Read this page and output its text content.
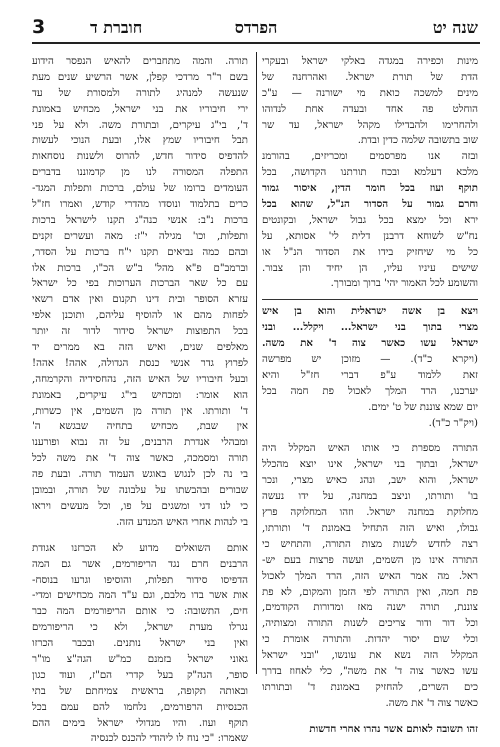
3	חוברת ד	הפרדס	שנה יט
מינות וכפירה במגדה באלקי ישראל ובעקרי
הדת של תורת ישראל. ואהרחנה של
מינים למשכה כואת מי ישורנה — ע"כ
הוחלט פה אחד ובעדה אחת לנדוהו
ולהחרימו ולהבדילו מקהל ישראל, עד שר
שוב בתשובה שלמה כדין ובדת.
ובזה אנו מפרסמים ומכריזים, בהורמנ
מלכא דעלמא ובכח תורתנו הקדושה, בכל
תוקף ועוז בכל חומר הדין, איסור גמור
וחרם גמור על הסדור הנ"ל, שהוא בכל
ירא וכל ימצא בכל גבול ישראל, ובקונטים
נח"ש לשוחא דרבנן דלית לי' אסותא, על
כל מי שיחזיק בידו את הסדור הנ"ל או
שישים עיניו עליו, הן יחיד והן צבור.
והשומע לכל האמור יהי' ברוך ומבורך.
ויצא בן אשה ישראלית והוא בן איש
מצרי בתוך בני ישראל... ויקלל... ובני
ישראל עשו כאשר צוה ד' את משה.
(ויקרא כ"ד). — מזוכן יש מפרשה
זאת ללמוד ע"פ דברי חז"ל והיא
יערכנו, הרד המלך לאכול פת חמה בכל
יום שמא צוננת של ט' ימים.
(ויק"ר כ"ד).
התורה מספרת כי אותו האיש המקלל היה
ישראל, ובתוך בני ישראל, אינו יוצא מהכלל
ישראל, והוא ישב, ונהג כאיש מצרי, ונכר
בו' ותורתו, וניצב במחנה, על ידו נעשה
מחלוקת במחנה ישראל. וזהו המחלוקה פרץ
גבולו, ואיש הזה התחיל באמונת ד' ותורתו,
רצה לחדש לשנות מצות התורה, והתחיש כי
התורה אינו מן השמים, ועשה פרצות בעם יש-
ראל. מה אמר האיש הזה, הרד המלך לאכול
פת חמה, ואין התורה לפי הזמן והמקום, לא פת
צוננת, תורה ישנה מאז ומדורות הקודמים,
וכל דור ודור צריכים לשנות התורה ומצותיה,
וכלי שום יסור יהדות. והתורה אומרת כי
המקלל הזה נשא את עונשו, "ובני ישראל
עשו כאשר צוה ד' את משה", כלי לאחוז בדרך
כים השרים, להחזיק באמונת ד' ובתורתו
כאשר צוה ד' את משה.
זהו תשובה לאותם אשר נהרו אחרי חדשות
תורה. והמה מתחברים להאיש הנפסר הידוע
בשם ר"ר מרדכי קפלן, אשר הרשיע שנים מעת
שנעשה למנהיג לתורה ולמסורת של עד
ירי חיבוריו את בני ישראל, מכחיש באמונת
ד', בי"ג עיקרים, ובתורת משה. ולא על פני
תבל חיבוריו שמץ אלו, ובעת הנוכי לעשות
להדפיס סידור חדש, להרוס ולשנות נוסחאות
התפלה המסורה לנו מן קדמוננו בדברים
העומדים ברומו של עולם, ברכות ותפלות המגד-
כרים בתלמוד ונוסדו מהדרי קודש, ואמרו חז"ל
ברכות נ"ב: אנשי כנה"ג תקנו לישראל ברכות
ותפלות, וכו' מגילה י"ז: מאה ועשרים זקנים
ובהם כמה נביאים תקנו י"ח ברכות על הסדר,
וברמב"ם פ"א מהל' ב"ש הכ"ו, ברכות אלו
עם כל שאר הברכות הערוכות בפי כל ישראל
עזרא הסופר ובית דינו תקנום ואין אדם רשאי
לפחות מהם או להוסיף עליהם, ותוכנן אלפי
בכל התפוצות ישראל סידור לדור זה יותר
מאלפים שנים, ואיש הזה בא ממרים יד
לפרוץ גדר אנשי כנסת הגדולה, אהה! אהה!
ובעל חיבוריו של האיש הזה, נהחסידיה והקרמחה,
הוא אומר: ומכחיש בי"ג עיקרים, באמונת
ד' ותורתו. אין תורה מן השמים, אין כשרות,
אין שבת, מכחיש בתחיה שבגשא ה'
ומבהלי אנדרת הרבנים, על זה נבוא ופורענו
תורה ומסמכה, כאשר צוה ד' את משה לכל
בי נה לכן לנגוש באוגש העמוד תורה. ובעת פה
שבורים ובהבשתו על עלבונה של תורה, ובמובן
כי לנו דגי ומשגים על פו, וכל מעשים ויראו
בי לנהות אחרי האיש המנדע הזה.
אותם השואלים מדוע לא הכרזנו אגודת
הרבנים חרם נגד הריפורמים, אשר גם המה
הדפיסו סידור תפלות, והוסיפו וגרעו בנוסח-
אות אשר בדו מלבם, וגם ע"ד המה מכחישים ומדי-
חים, התשובה: כי אותם הריפורמים המה כבר
נגרלו מעדת ישראל, ולא כי הריפורמים
ואין בני ישראל נותנים. ובכבר הכרזו
גאוני ישראל בזמנם כמ"ש הגה"צ מו"ר
סופר, הגה"ק בעל קדרי הם"ז, ועוד כגון
ובאותה תקופה, בראשית צמיחתם של בתי
הכנסיות הרפורמים, נלחמו להם עמם בכל
תוקף ועוז. והיו מגדולי ישראל בימים ההם
שאמרו: "כי נוח לו ליהודי להכנס לכנסיה
